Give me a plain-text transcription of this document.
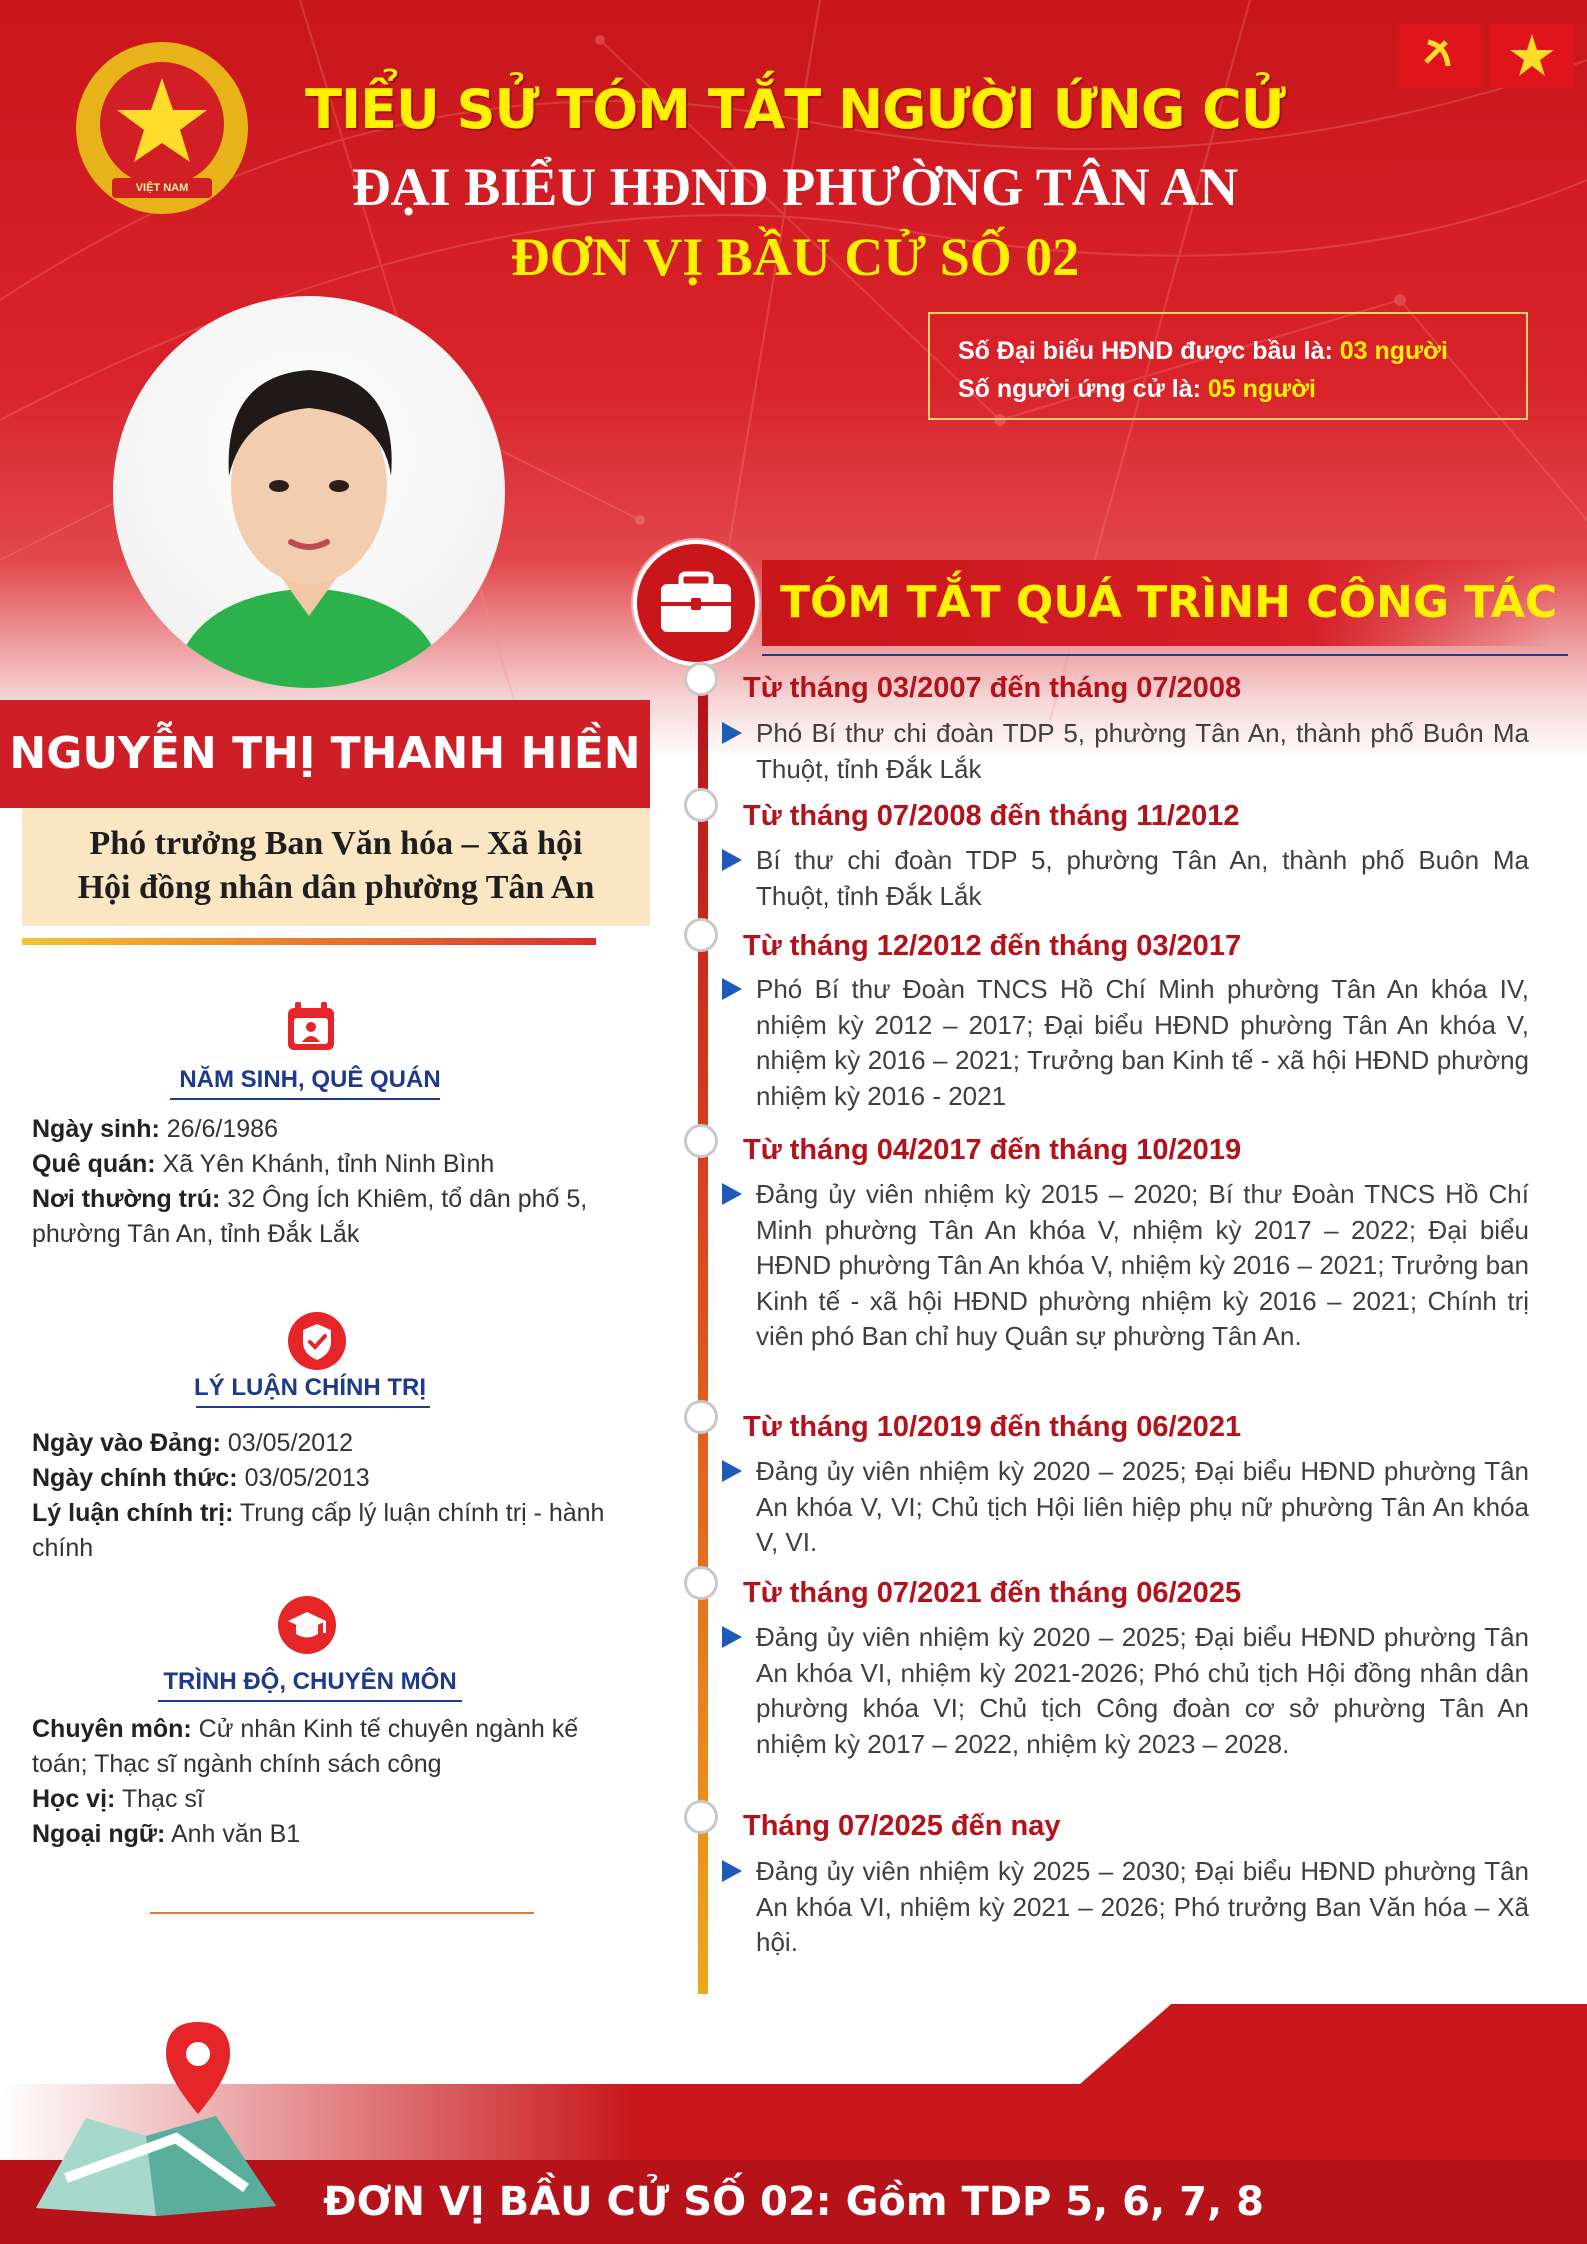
VIỆT NAM
TIỂU SỬ TÓM TẮT NGƯỜI ỨNG CỬ
ĐẠI BIỂU HĐND PHƯỜNG TÂN AN
ĐƠN VỊ BẦU CỬ SỐ 02
Số Đại biểu HĐND được bầu là: 03 người
Số người ứng cử là: 05 người
NGUYỄN THỊ THANH HIỀN
Phó trưởng Ban Văn hóa – Xã hội
Hội đồng nhân dân phường Tân An
NĂM SINH, QUÊ QUÁN

Ngày sinh: 26/6/1986

Quê quán: Xã Yên Khánh, tỉnh Ninh Bình

Nơi thường trú: 32 Ông Ích Khiêm, tổ dân phố 5, phường Tân An, tỉnh Đắk Lắk

LÝ LUẬN CHÍNH TRỊ

Ngày vào Đảng: 03/05/2012

Ngày chính thức: 03/05/2013

Lý luận chính trị: Trung cấp lý luận chính trị - hành chính

TRÌNH ĐỘ, CHUYÊN MÔN

Chuyên môn: Cử nhân Kinh tế chuyên ngành kế toán; Thạc sĩ ngành chính sách công

Học vị: Thạc sĩ

Ngoại ngữ: Anh văn B1

TÓM TẮT QUÁ TRÌNH CÔNG TÁC
Từ tháng 03/2007 đến tháng 07/2008
Phó Bí thư chi đoàn TDP 5, phường Tân An, thành phố Buôn Ma Thuột, tỉnh Đắk Lắk
Từ tháng 07/2008 đến tháng 11/2012
Bí thư chi đoàn TDP 5, phường Tân An, thành phố Buôn Ma Thuột, tỉnh Đắk Lắk
Từ tháng 12/2012 đến tháng 03/2017
Phó Bí thư Đoàn TNCS Hồ Chí Minh phường Tân An khóa IV, nhiệm kỳ 2012 – 2017; Đại biểu HĐND phường Tân An khóa V, nhiệm kỳ 2016 – 2021; Trưởng ban Kinh tế - xã hội HĐND phường nhiệm kỳ 2016 - 2021
Từ tháng 04/2017 đến tháng 10/2019
Đảng ủy viên nhiệm kỳ 2015 – 2020; Bí thư Đoàn TNCS Hồ Chí Minh phường Tân An khóa V, nhiệm kỳ 2017 – 2022; Đại biểu HĐND phường Tân An khóa V, nhiệm kỳ 2016 – 2021; Trưởng ban Kinh tế - xã hội HĐND phường nhiệm kỳ 2016 – 2021; Chính trị viên phó Ban chỉ huy Quân sự phường Tân An.
Từ tháng 10/2019 đến tháng 06/2021
Đảng ủy viên nhiệm kỳ 2020 – 2025; Đại biểu HĐND phường Tân An khóa V, VI; Chủ tịch Hội liên hiệp phụ nữ phường Tân An khóa V, VI.
Từ tháng 07/2021 đến tháng 06/2025
Đảng ủy viên nhiệm kỳ 2020 – 2025; Đại biểu HĐND phường Tân An khóa VI, nhiệm kỳ 2021-2026; Phó chủ tịch Hội đồng nhân dân phường khóa VI; Chủ tịch Công đoàn cơ sở phường Tân An nhiệm kỳ 2017 – 2022, nhiệm kỳ 2023 – 2028.
Tháng 07/2025 đến nay
Đảng ủy viên nhiệm kỳ 2025 – 2030; Đại biểu HĐND phường Tân An khóa VI, nhiệm kỳ 2021 – 2026; Phó trưởng Ban Văn hóa – Xã hội.
ĐƠN VỊ BẦU CỬ SỐ 02: Gồm TDP 5, 6, 7, 8
